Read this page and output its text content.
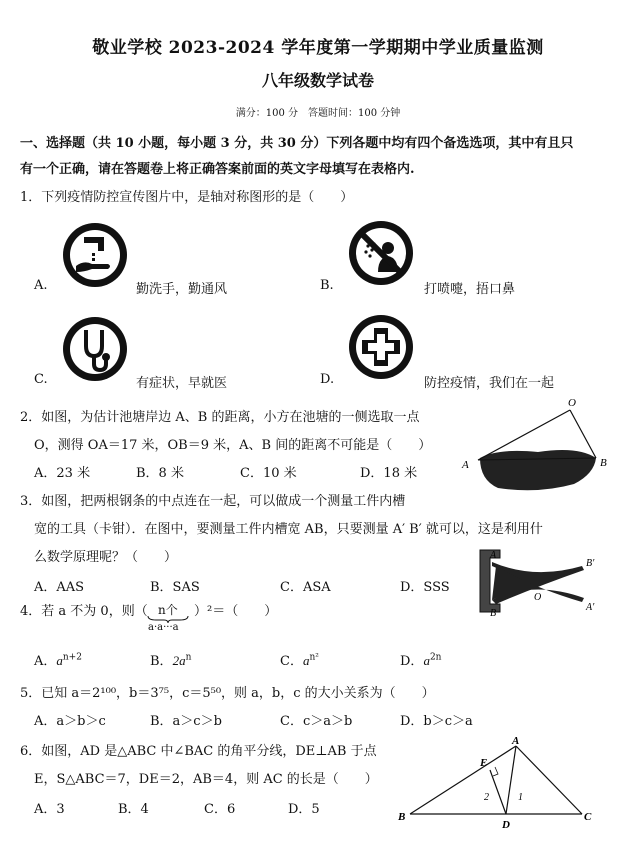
敬业学校 2023-2024 学年度第一学期期中学业质量监测
八年级数学试卷
满分：100 分　答题时间：100 分钟
一、选择题（共 10 小题，每小题 3 分，共 30 分）下列各题中均有四个备选选项，其中有且只
有一个正确，请在答题卷上将正确答案前面的英文字母填写在表格内.
1．下列疫情防控宣传图片中，是轴对称图形的是（　　）
A.	勤洗手，勤通风	B.	打喷嚏，捂口鼻
C.	有症状，早就医	D.	防控疫情，我们在一起
2．如图，为估计池塘岸边 A、B 的距离，小方在池塘的一侧选取一点
O，测得 OA＝17 米，OB＝9 米，A、B 间的距离不可能是（　　）
A．23 米	B．8 米	C．10 米	D．18 米
O
A	B
3．如图，把两根钢条的中点连在一起，可以做成一个测量工件内槽
宽的工具（卡钳）．在图中，要测量工件内槽宽 AB，只要测量 A′ B′ 就可以，这是利用什
么数学原理呢？（　　）
A．AAS	B．SAS	C．ASA	D．SSS
A
B
B′
A′
O
4．若 a 不为 0，则（ n个
a·a···a
）²＝（　　）
A．$a^{n+2}$	B．$2a^n$	C．$a^{n^2}$	D．$a^{2n}$
5．已知 a＝2¹⁰⁰，b＝3⁷⁵，c＝5⁵⁰，则 a，b，c 的大小关系为（　　）
A．a＞b＞c	B．a＞c＞b	C．c＞a＞b	D．b＞c＞a
6．如图，AD 是△ABC 中∠BAC 的角平分线，DE⊥AB 于点
E，S△ABC＝7，DE＝2，AB＝4，则 AC 的长是（　　）
A．3	B．4	C．6	D．5
E
A
B	C
D
2	1
